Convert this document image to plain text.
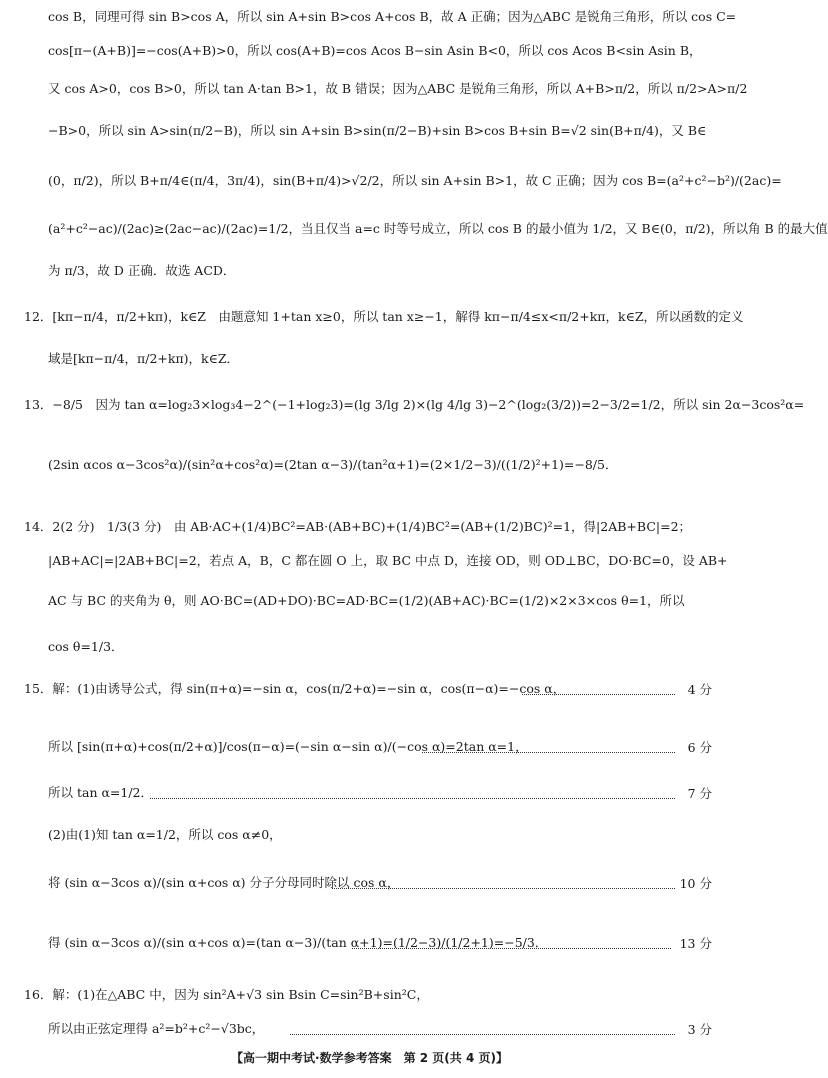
cos B，同理可得 sin B>cos A，所以 sin A+sin B>cos A+cos B，故 A 正确；因为△ABC 是锐角三角形，所以 cos C=
cos[π−(A+B)]=−cos(A+B)>0，所以 cos(A+B)=cos Acos B−sin Asin B<0，所以 cos Acos B<sin Asin B，
又 cos A>0，cos B>0，所以 tan A·tan B>1，故 B 错误；因为△ABC 是锐角三角形，所以 A+B>π/2，所以 π/2>A>π/2
−B>0，所以 sin A>sin(π/2−B)，所以 sin A+sin B>sin(π/2−B)+sin B>cos B+sin B=√2 sin(B+π/4)，又 B∈
(0，π/2)，所以 B+π/4∈(π/4，3π/4)，sin(B+π/4)>√2/2，所以 sin A+sin B>1，故 C 正确；因为 cos B=(a²+c²−b²)/(2ac)=
(a²+c²−ac)/(2ac)≥(2ac−ac)/(2ac)=1/2，当且仅当 a=c 时等号成立，所以 cos B 的最小值为 1/2，又 B∈(0，π/2)，所以角 B 的最大值
为 π/3，故 D 正确．故选 ACD．
12．[kπ−π/4，π/2+kπ)，k∈Z　由题意知 1+tan x≥0，所以 tan x≥−1，解得 kπ−π/4≤x<π/2+kπ，k∈Z，所以函数的定义
域是[kπ−π/4，π/2+kπ)，k∈Z．
13．−8/5　因为 tan α=log₂3×log₃4−2^(−1+log₂3)=(lg 3/lg 2)×(lg 4/lg 3)−2^(log₂(3/2))=2−3/2=1/2，所以 sin 2α−3cos²α=
(2sin αcos α−3cos²α)/(sin²α+cos²α)=(2tan α−3)/(tan²α+1)=(2×1/2−3)/((1/2)²+1)=−8/5．
14．2(2 分)　1/3(3 分)　由 AB·AC+(1/4)BC²=AB·(AB+BC)+(1/4)BC²=(AB+(1/2)BC)²=1，得|2AB+BC|=2；
|AB+AC|=|2AB+BC|=2，若点 A，B，C 都在圆 O 上，取 BC 中点 D，连接 OD，则 OD⊥BC，DO·BC=0，设 AB+
AC 与 BC 的夹角为 θ，则 AO·BC=(AD+DO)·BC=AD·BC=(1/2)(AB+AC)·BC=(1/2)×2×3×cos θ=1，所以
cos θ=1/3．
15．解：(1)由诱导公式，得 sin(π+α)=−sin α，cos(π/2+α)=−sin α，cos(π−α)=−cos α，	4 分
所以 [sin(π+α)+cos(π/2+α)]/cos(π−α)=(−sin α−sin α)/(−cos α)=2tan α=1，	6 分
所以 tan α=1/2．	7 分
(2)由(1)知 tan α=1/2，所以 cos α≠0，
将 (sin α−3cos α)/(sin α+cos α) 分子分母同时除以 cos α，	10 分
得 (sin α−3cos α)/(sin α+cos α)=(tan α−3)/(tan α+1)=(1/2−3)/(1/2+1)=−5/3．	13 分
16．解：(1)在△ABC 中，因为 sin²A+√3 sin Bsin C=sin²B+sin²C，
所以由正弦定理得 a²=b²+c²−√3bc，	3 分
【高一期中考试·数学参考答案　第 2 页(共 4 页)】
